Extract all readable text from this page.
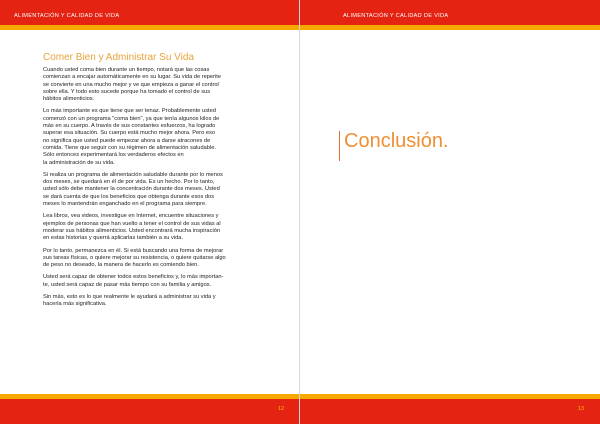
ALIMENTACIÓN Y CALIDAD DE VIDA
Comer Bien y Administrar Su Vida

Cuando usted coma bien durante un tiempo, notará que las cosas
comienzan a encajar automáticamente en su lugar. Su vida de reperite
se convierte en una mucho mejor y ve que empieza a ganar el control
sobre ella. Y todo esto sucede porque ha tomado el control de sus
hábitos alimenticios.

Lo más importante es que tiene que ser tenaz. Probablemente usted
comenzó con un programa "coma bien", ya que tenía algunos kilos de
más en su cuerpo. A través de sus constantes esfuerzos, ha logrado
superar esa situación. Su cuerpo está mucho mejor ahora. Pero eso
no significa que usted puede empezar ahora a darse atracones de
comida. Tiene que seguir con su régimen de alimentación saludable.
Sólo entonces experimentará los verdaderos efectos en
la administración de su vida.

Si realiza un programa de alimentación saludable durante por lo menos
dos meses, se quedará en él de por vida. Es un hecho. Por lo tanto,
usted sólo debe mantener la concentración durante dos meses. Usted
se dará cuenta de que los beneficios que obtenga durante esos dos
meses lo mantendrán enganchado en el programa para siempre.

Lea libros, vea videos, investigue en Internet, encuentre situaciones y
ejemplos de personas que han vuelto a tener el control de sus vidas al
moderar sus hábitos alimenticios. Usted encontrará mucha inspiración
en estas historias y querrá aplicarlas también a su vida.

Por lo tanto, permanezca en él. Si está buscando una forma de mejorar
sus tareas físicas, o quiere mejorar su resistencia, o quiere quitarse algo
de peso no deseado, la manera de hacerlo es comiendo bien.

Usted será capaz de obtener todos estos beneficios y, lo más importan-
te, usted será capaz de pasar más tiempo con su familia y amigos.

Sin más, esto es lo que realmente le ayudará a administrar su vida y
hacerla más significativa.

12
ALIMENTACIÓN Y CALIDAD DE VIDA
Conclusión.
13
